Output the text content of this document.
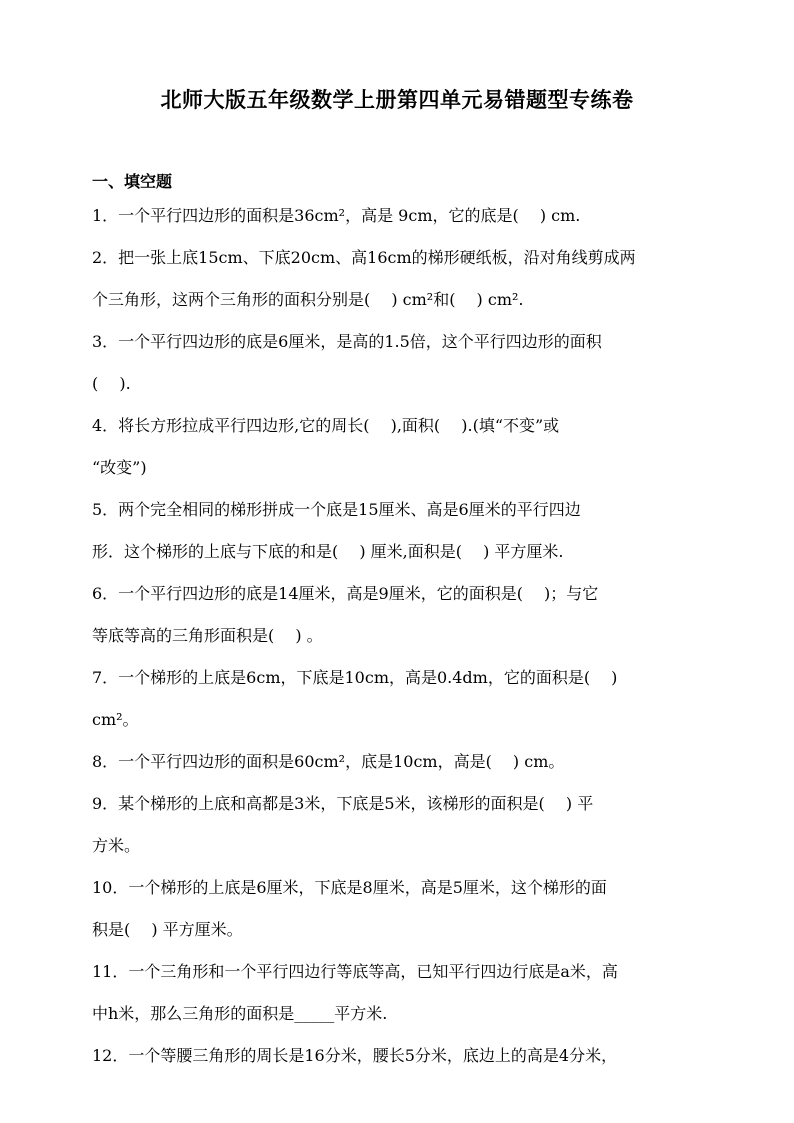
北师大版五年级数学上册第四单元易错题型专练卷
一、填空题
1．一个平行四边形的面积是36cm²，高是 9cm，它的底是(　 ) cm.
2．把一张上底15cm、下底20cm、高16cm的梯形硬纸板，沿对角线剪成两
个三角形，这两个三角形的面积分别是(　 ) cm²和(　 ) cm².
3．一个平行四边形的底是6厘米，是高的1.5倍，这个平行四边形的面积
(　 ).
4．将长方形拉成平行四边形,它的周长(　 ),面积(　 ).(填“不变”或
“改变”)
5．两个完全相同的梯形拼成一个底是15厘米、高是6厘米的平行四边
形．这个梯形的上底与下底的和是(　 ) 厘米,面积是(　 ) 平方厘米.
6．一个平行四边形的底是14厘米，高是9厘米，它的面积是(　 )；与它
等底等高的三角形面积是(　 ) 。
7．一个梯形的上底是6cm，下底是10cm，高是0.4dm，它的面积是(　 )
cm²。
8．一个平行四边形的面积是60cm²，底是10cm，高是(　 ) cm。
9．某个梯形的上底和高都是3米，下底是5米，该梯形的面积是(　 ) 平
方米。
10．一个梯形的上底是6厘米，下底是8厘米，高是5厘米，这个梯形的面
积是(　 ) 平方厘米。
11．一个三角形和一个平行四边行等底等高，已知平行四边行底是a米，高
中h米，那么三角形的面积是_____平方米.
12．一个等腰三角形的周长是16分米，腰长5分米，底边上的高是4分米，
